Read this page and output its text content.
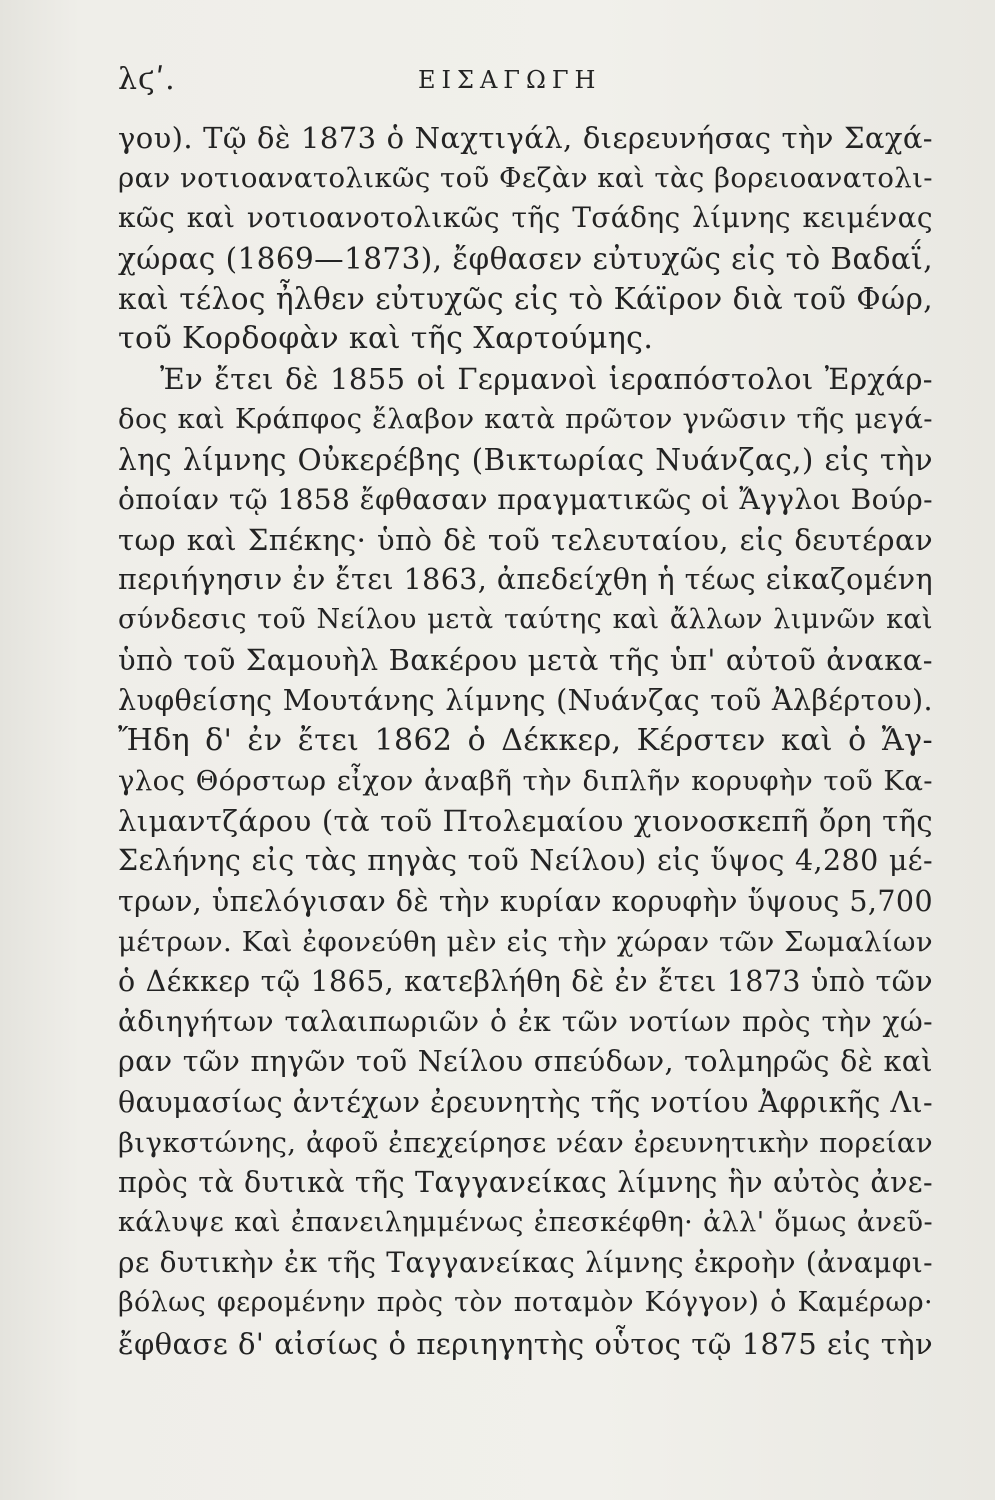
λϛʹ.	ΕΙΣΑΓΩΓΗ
γου). Τῷ δὲ 1873 ὁ Ναχτιγάλ, διερευνήσας τὴν Σαχά-
ραν νοτιοανατολικῶς τοῦ Φεζὰν καὶ τὰς βορειοανατολι-
κῶς καὶ νοτιοανοτολικῶς τῆς Τσάδης λίμνης κειμένας
χώρας (1869—1873), ἔφθασεν εὐτυχῶς εἰς τὸ Βαδαΐ,
καὶ τέλος ἦλθεν εὐτυχῶς εἰς τὸ Κάϊρον διὰ τοῦ Φώρ,
τοῦ Κορδοφὰν καὶ τῆς Χαρτούμης.
Ἐν ἔτει δὲ 1855 οἱ Γερμανοὶ ἱεραπόστολοι Ἐρχάρ-
δος καὶ Κράπφος ἔλαβον κατὰ πρῶτον γνῶσιν τῆς μεγά-
λης λίμνης Οὐκερέβης (Βικτωρίας Νυάνζας,) εἰς τὴν
ὁποίαν τῷ 1858 ἔφθασαν πραγματικῶς οἱ Ἄγγλοι Βούρ-
τωρ καὶ Σπέκης· ὑπὸ δὲ τοῦ τελευταίου, εἰς δευτέραν
περιήγησιν ἐν ἔτει 1863, ἀπεδείχθη ἡ τέως εἰκαζομένη
σύνδεσις τοῦ Νείλου μετὰ ταύτης καὶ ἄλλων λιμνῶν καὶ
ὑπὸ τοῦ Σαμουὴλ Βακέρου μετὰ τῆς ὑπ' αὐτοῦ ἀνακα-
λυφθείσης Μουτάνης λίμνης (Νυάνζας τοῦ Ἀλβέρτου).
Ἤδη δ' ἐν ἔτει 1862 ὁ Δέκκερ, Κέρστεν καὶ ὁ Ἄγ-
γλος Θόρστωρ εἶχον ἀναβῆ τὴν διπλῆν κορυφὴν τοῦ Κα-
λιμαντζάρου (τὰ τοῦ Πτολεμαίου χιονοσκεπῆ ὄρη τῆς
Σελήνης εἰς τὰς πηγὰς τοῦ Νείλου) εἰς ὕψος 4,280 μέ-
τρων, ὑπελόγισαν δὲ τὴν κυρίαν κορυφὴν ὕψους 5,700
μέτρων. Καὶ ἐφονεύθη μὲν εἰς τὴν χώραν τῶν Σωμαλίων
ὁ Δέκκερ τῷ 1865, κατεβλήθη δὲ ἐν ἔτει 1873 ὑπὸ τῶν
ἀδιηγήτων ταλαιπωριῶν ὁ ἐκ τῶν νοτίων πρὸς τὴν χώ-
ραν τῶν πηγῶν τοῦ Νείλου σπεύδων, τολμηρῶς δὲ καὶ
θαυμασίως ἀντέχων ἐρευνητὴς τῆς νοτίου Ἀφρικῆς Λι-
βιγκστώνης, ἀφοῦ ἐπεχείρησε νέαν ἐρευνητικὴν πορείαν
πρὸς τὰ δυτικὰ τῆς Ταγγανείκας λίμνης ἣν αὐτὸς ἀνε-
κάλυψε καὶ ἐπανειλημμένως ἐπεσκέφθη· ἀλλ' ὅμως ἀνεῦ-
ρε δυτικὴν ἐκ τῆς Ταγγανείκας λίμνης ἐκροὴν (ἀναμφι-
βόλως φερομένην πρὸς τὸν ποταμὸν Κόγγον) ὁ Καμέρωρ·
ἔφθασε δ' αἰσίως ὁ περιηγητὴς οὗτος τῷ 1875 εἰς τὴν
